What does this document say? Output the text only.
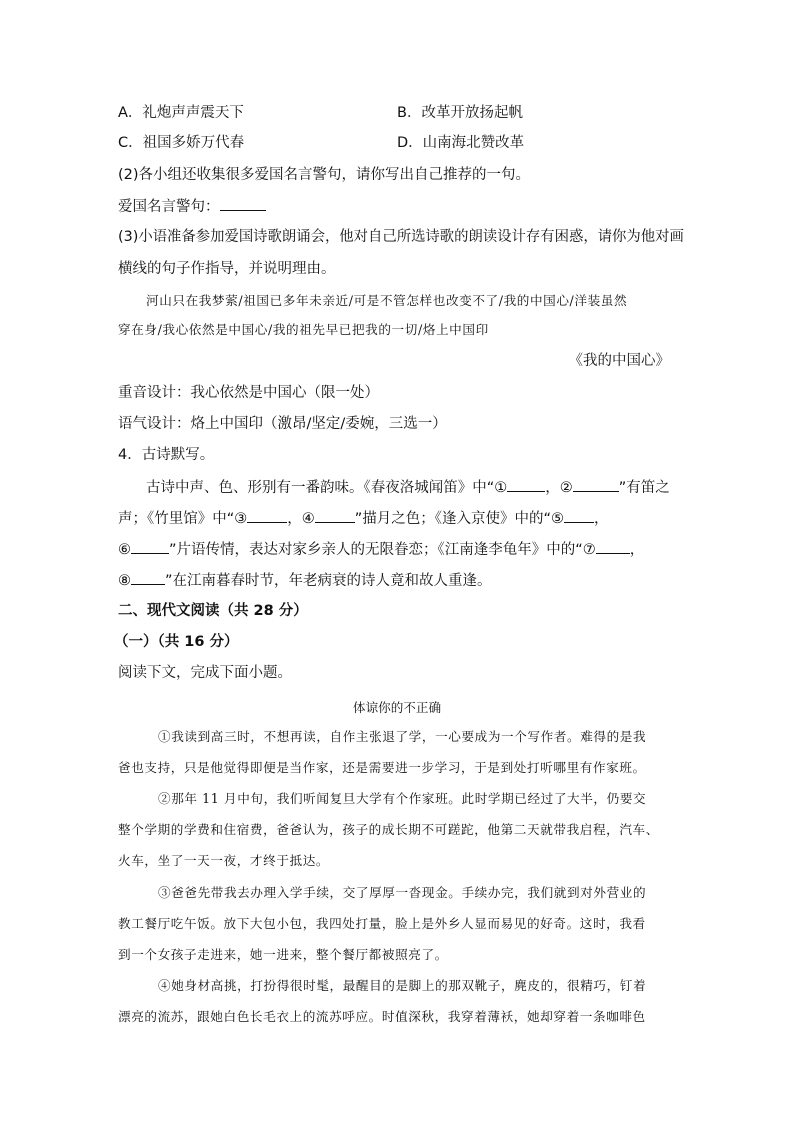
A．礼炮声声震天下	B．改革开放扬起帆
C．祖国多娇万代春	D．山南海北赞改革
(2)各小组还收集很多爱国名言警句，请你写出自己推荐的一句。
爱国名言警句：
(3)小语准备参加爱国诗歌朗诵会，他对自己所选诗歌的朗读设计存有困惑，请你为他对画
横线的句子作指导，并说明理由。
河山只在我梦萦/祖国已多年未亲近/可是不管怎样也改变不了/我的中国心/洋装虽然
穿在身/我心依然是中国心/我的祖先早已把我的一切/烙上中国印
《我的中国心》
重音设计：我心依然是中国心（限一处）
语气设计：烙上中国印（激昂/坚定/委婉，三选一）
4．古诗默写。
古诗中声、色、形别有一番韵味。《春夜洛城闻笛》中“①	，②	”有笛之
声；《竹里馆》中“③	，④	”描月之色；《逢入京使》中的“⑤ ，
⑥	”片语传情，表达对家乡亲人的无限眷恋；《江南逢李龟年》中的“⑦ ，
⑧ ”在江南暮春时节，年老病衰的诗人竟和故人重逢。
二、现代文阅读（共 28 分）
（一）（共 16 分）
阅读下文，完成下面小题。
体谅你的不正确
①我读到高三时，不想再读，自作主张退了学，一心要成为一个写作者。难得的是我
爸也支持，只是他觉得即便是当作家，还是需要进一步学习，于是到处打听哪里有作家班。
②那年 11 月中旬，我们听闻复旦大学有个作家班。此时学期已经过了大半，仍要交
整个学期的学费和住宿费，爸爸认为，孩子的成长期不可蹉跎，他第二天就带我启程，汽车、
火车，坐了一天一夜，才终于抵达。
③爸爸先带我去办理入学手续，交了厚厚一沓现金。手续办完，我们就到对外营业的
教工餐厅吃午饭。放下大包小包，我四处打量，脸上是外乡人显而易见的好奇。这时，我看
到一个女孩子走进来，她一进来，整个餐厅都被照亮了。
④她身材高挑，打扮得很时髦，最醒目的是脚上的那双靴子，麂皮的，很精巧，钉着
漂亮的流苏，跟她白色长毛衣上的流苏呼应。时值深秋，我穿着薄袄，她却穿着一条咖啡色
